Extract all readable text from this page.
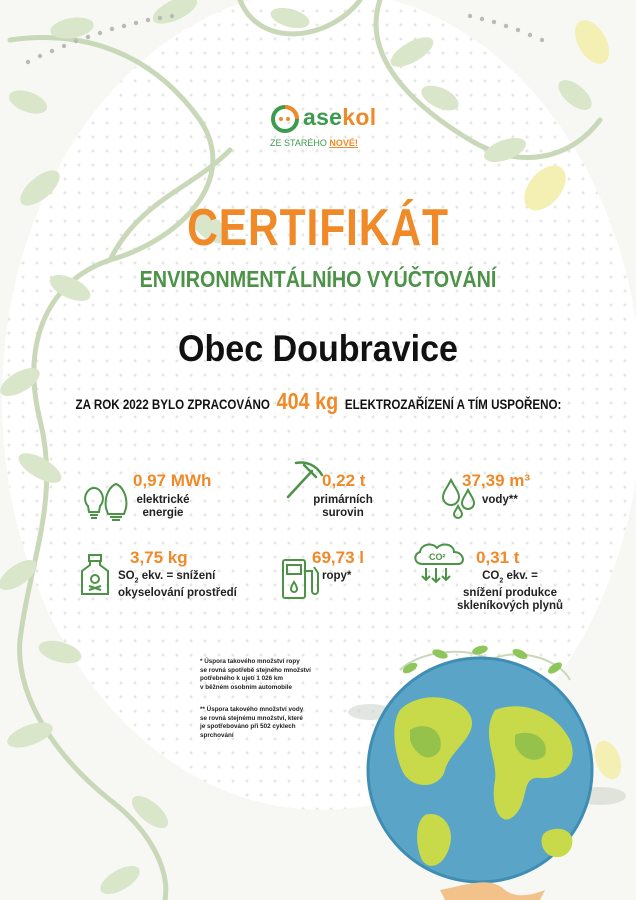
asekol
ZE STARÉHO NOVÉ!
CERTIFIKÁT
ENVIRONMENTÁLNÍHO VYÚČTOVÁNÍ
Obec Doubravice
ZA ROK 2022 BYLO ZPRACOVÁNO 404 kg ELEKTROZAŘÍZENÍ A TÍM USPOŘENO:
0,97 MWh
elektrické
energie
0,22 t
primárních
surovin
37,39 m³
vody**
3,75 kg
$SO_2$ ekv. = snížení
okyselování prostředí
69,73 l
ropy*
CO² 0,31 t
$CO_2$ ekv. =
snížení produkce
skleníkových plynů
* Úspora takového množství ropy
se rovná spotřebě stejného množství
potřebného k ujetí 1 026 km
v běžném osobním automobile
** Úspora takového množství vody
se rovná stejnému množství, které
je spotřebováno při 502 cyklech
sprchování
